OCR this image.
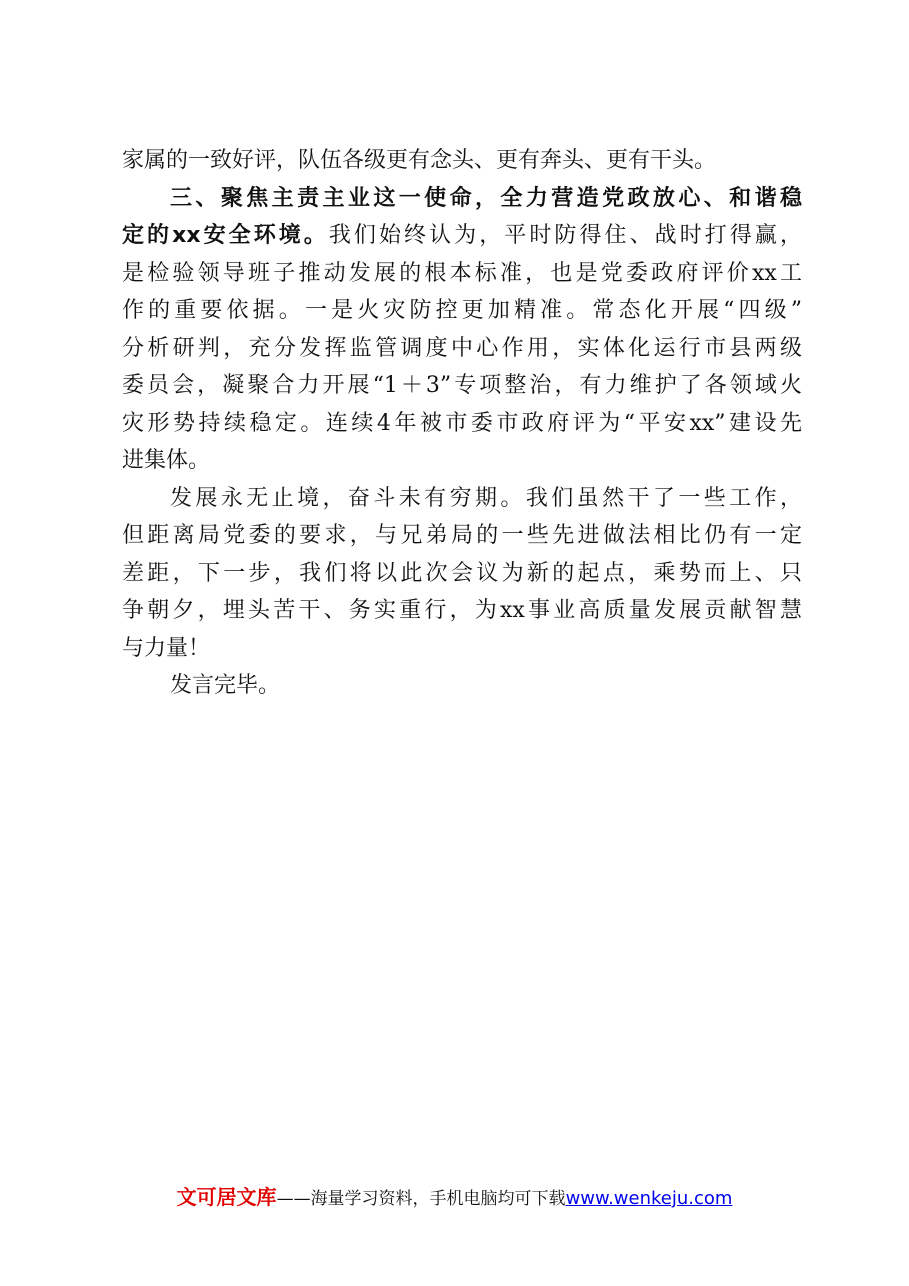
家属的一致好评，队伍各级更有念头、更有奔头、更有干头。
三、聚焦主责主业这一使命，全力营造党政放心、和谐稳
定的xx安全环境。我们始终认为，平时防得住、战时打得赢，
是检验领导班子推动发展的根本标准，也是党委政府评价xx工
作的重要依据。一是火灾防控更加精准。常态化开展“四级”
分析研判，充分发挥监管调度中心作用，实体化运行市县两级
委员会，凝聚合力开展“1＋3”专项整治，有力维护了各领域火
灾形势持续稳定。连续4年被市委市政府评为“平安xx”建设先
进集体。
发展永无止境，奋斗未有穷期。我们虽然干了一些工作，
但距离局党委的要求，与兄弟局的一些先进做法相比仍有一定
差距，下一步，我们将以此次会议为新的起点，乘势而上、只
争朝夕，埋头苦干、务实重行，为xx事业高质量发展贡献智慧
与力量！
发言完毕。
文可居文库——海量学习资料，手机电脑均可下载www.wenkeju.com
